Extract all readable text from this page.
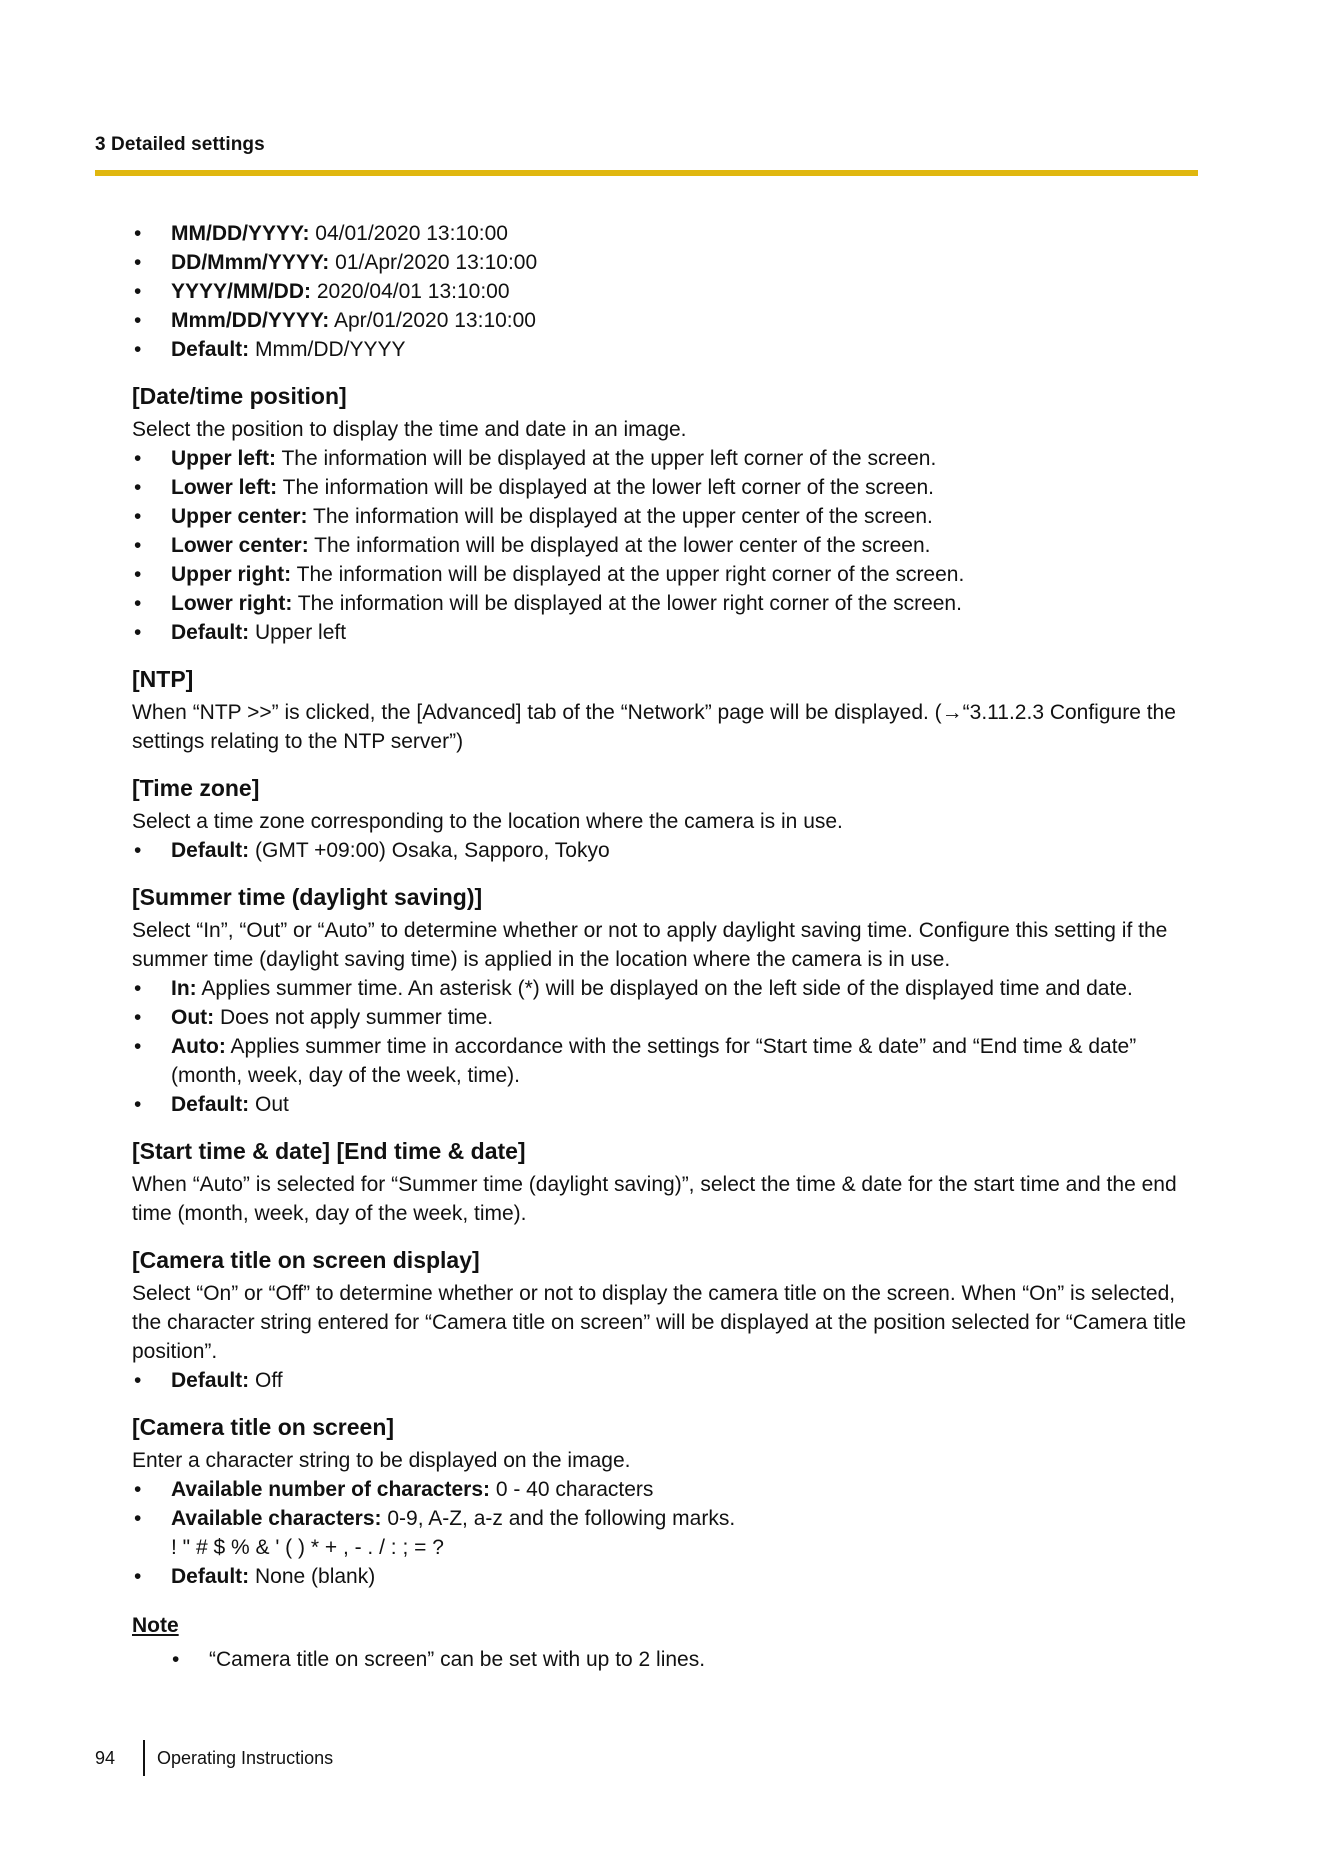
3 Detailed settings
• MM/DD/YYYY: 04/01/2020 13:10:00
• DD/Mmm/YYYY: 01/Apr/2020 13:10:00
• YYYY/MM/DD: 2020/04/01 13:10:00
• Mmm/DD/YYYY: Apr/01/2020 13:10:00
• Default: Mmm/DD/YYYY
[Date/time position]

Select the position to display the time and date in an image.

• Upper left: The information will be displayed at the upper left corner of the screen.
• Lower left: The information will be displayed at the lower left corner of the screen.
• Upper center: The information will be displayed at the upper center of the screen.
• Lower center: The information will be displayed at the lower center of the screen.
• Upper right: The information will be displayed at the upper right corner of the screen.
• Lower right: The information will be displayed at the lower right corner of the screen.
• Default: Upper left
[NTP]

When “NTP >>” is clicked, the [Advanced] tab of the “Network” page will be displayed. (→“3.11.2.3 Configure the settings relating to the NTP server”)

[Time zone]

Select a time zone corresponding to the location where the camera is in use.

• Default: (GMT +09:00) Osaka, Sapporo, Tokyo
[Summer time (daylight saving)]

Select “In”, “Out” or “Auto” to determine whether or not to apply daylight saving time. Configure this setting if the summer time (daylight saving time) is applied in the location where the camera is in use.

• In: Applies summer time. An asterisk (*) will be displayed on the left side of the displayed time and date.
• Out: Does not apply summer time.
• Auto: Applies summer time in accordance with the settings for “Start time & date” and “End time & date” (month, week, day of the week, time).
• Default: Out
[Start time & date] [End time & date]

When “Auto” is selected for “Summer time (daylight saving)”, select the time & date for the start time and the end time (month, week, day of the week, time).

[Camera title on screen display]

Select “On” or “Off” to determine whether or not to display the camera title on the screen. When “On” is selected, the character string entered for “Camera title on screen” will be displayed at the position selected for “Camera title position”.

• Default: Off
[Camera title on screen]

Enter a character string to be displayed on the image.

• Available number of characters: 0 - 40 characters
• Available characters: 0-9, A-Z, a-z and the following marks.
! " # $ % & ' ( ) * + , - . / : ; = ?
• Default: None (blank)
Note
• “Camera title on screen” can be set with up to 2 lines.
94	Operating Instructions
